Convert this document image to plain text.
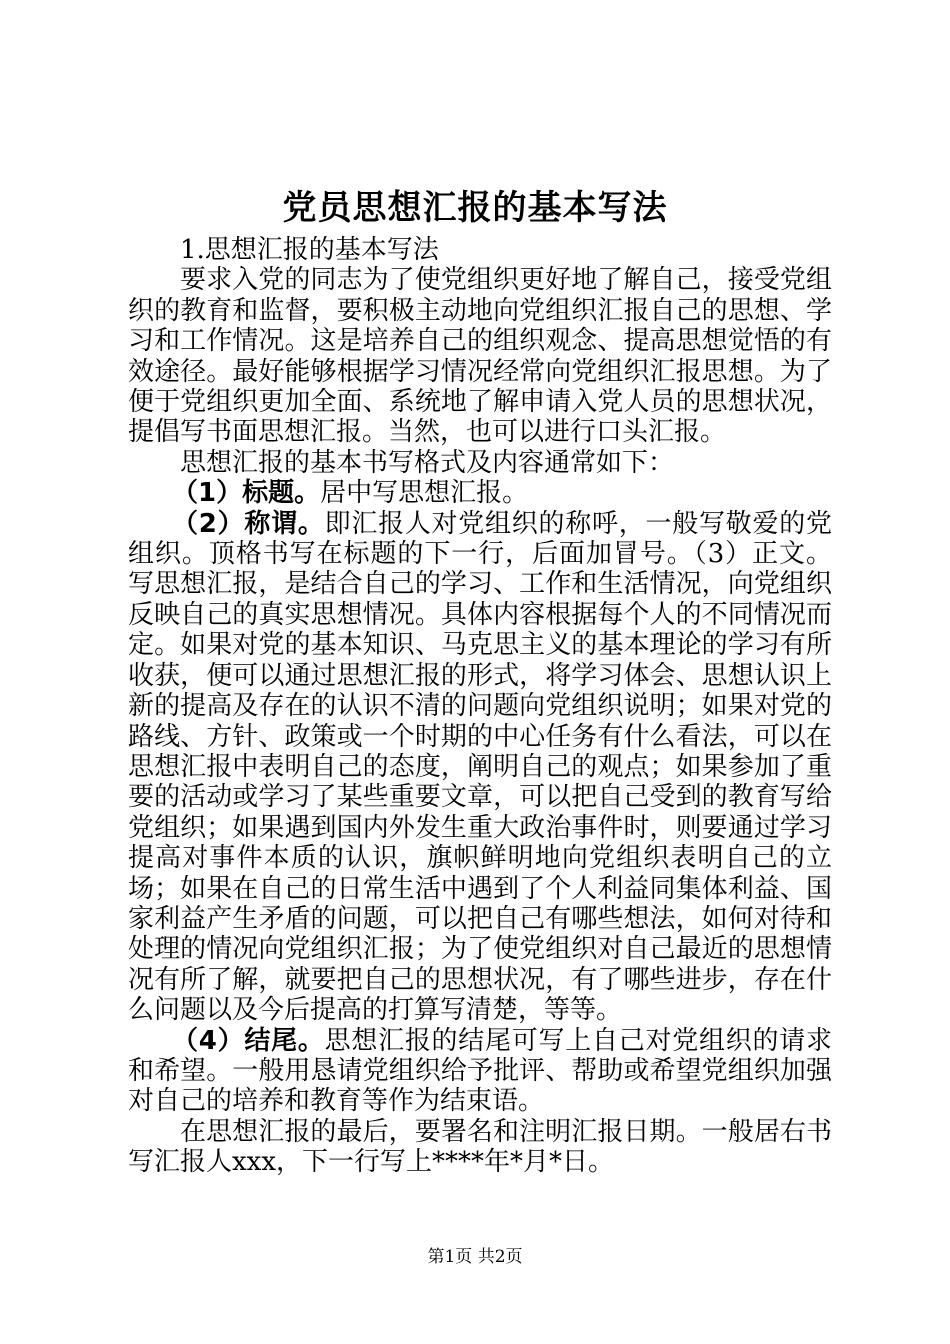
党员思想汇报的基本写法

1.思想汇报的基本写法

要求入党的同志为了使党组织更好地了解自己，接受党组织的教育和监督，要积极主动地向党组织汇报自己的思想、学习和工作情况。这是培养自己的组织观念、提高思想觉悟的有效途径。最好能够根据学习情况经常向党组织汇报思想。为了便于党组织更加全面、系统地了解申请入党人员的思想状况，提倡写书面思想汇报。当然，也可以进行口头汇报。

思想汇报的基本书写格式及内容通常如下：

（1）标题。居中写思想汇报。

（2）称谓。即汇报人对党组织的称呼，一般写敬爱的党组织。顶格书写在标题的下一行，后面加冒号。（3）正文。写思想汇报，是结合自己的学习、工作和生活情况，向党组织反映自己的真实思想情况。具体内容根据每个人的不同情况而定。如果对党的基本知识、马克思主义的基本理论的学习有所收获，便可以通过思想汇报的形式，将学习体会、思想认识上新的提高及存在的认识不清的问题向党组织说明；如果对党的路线、方针、政策或一个时期的中心任务有什么看法，可以在思想汇报中表明自己的态度，阐明自己的观点；如果参加了重要的活动或学习了某些重要文章，可以把自己受到的教育写给党组织；如果遇到国内外发生重大政治事件时，则要通过学习提高对事件本质的认识，旗帜鲜明地向党组织表明自己的立场；如果在自己的日常生活中遇到了个人利益同集体利益、国家利益产生矛盾的问题，可以把自己有哪些想法，如何对待和处理的情况向党组织汇报；为了使党组织对自己最近的思想情况有所了解，就要把自己的思想状况，有了哪些进步，存在什么问题以及今后提高的打算写清楚，等等。

（4）结尾。思想汇报的结尾可写上自己对党组织的请求和希望。一般用恳请党组织给予批评、帮助或希望党组织加强对自己的培养和教育等作为结束语。

在思想汇报的最后，要署名和注明汇报日期。一般居右书写汇报人xxx，下一行写上****年*月*日。

第1页 共2页
